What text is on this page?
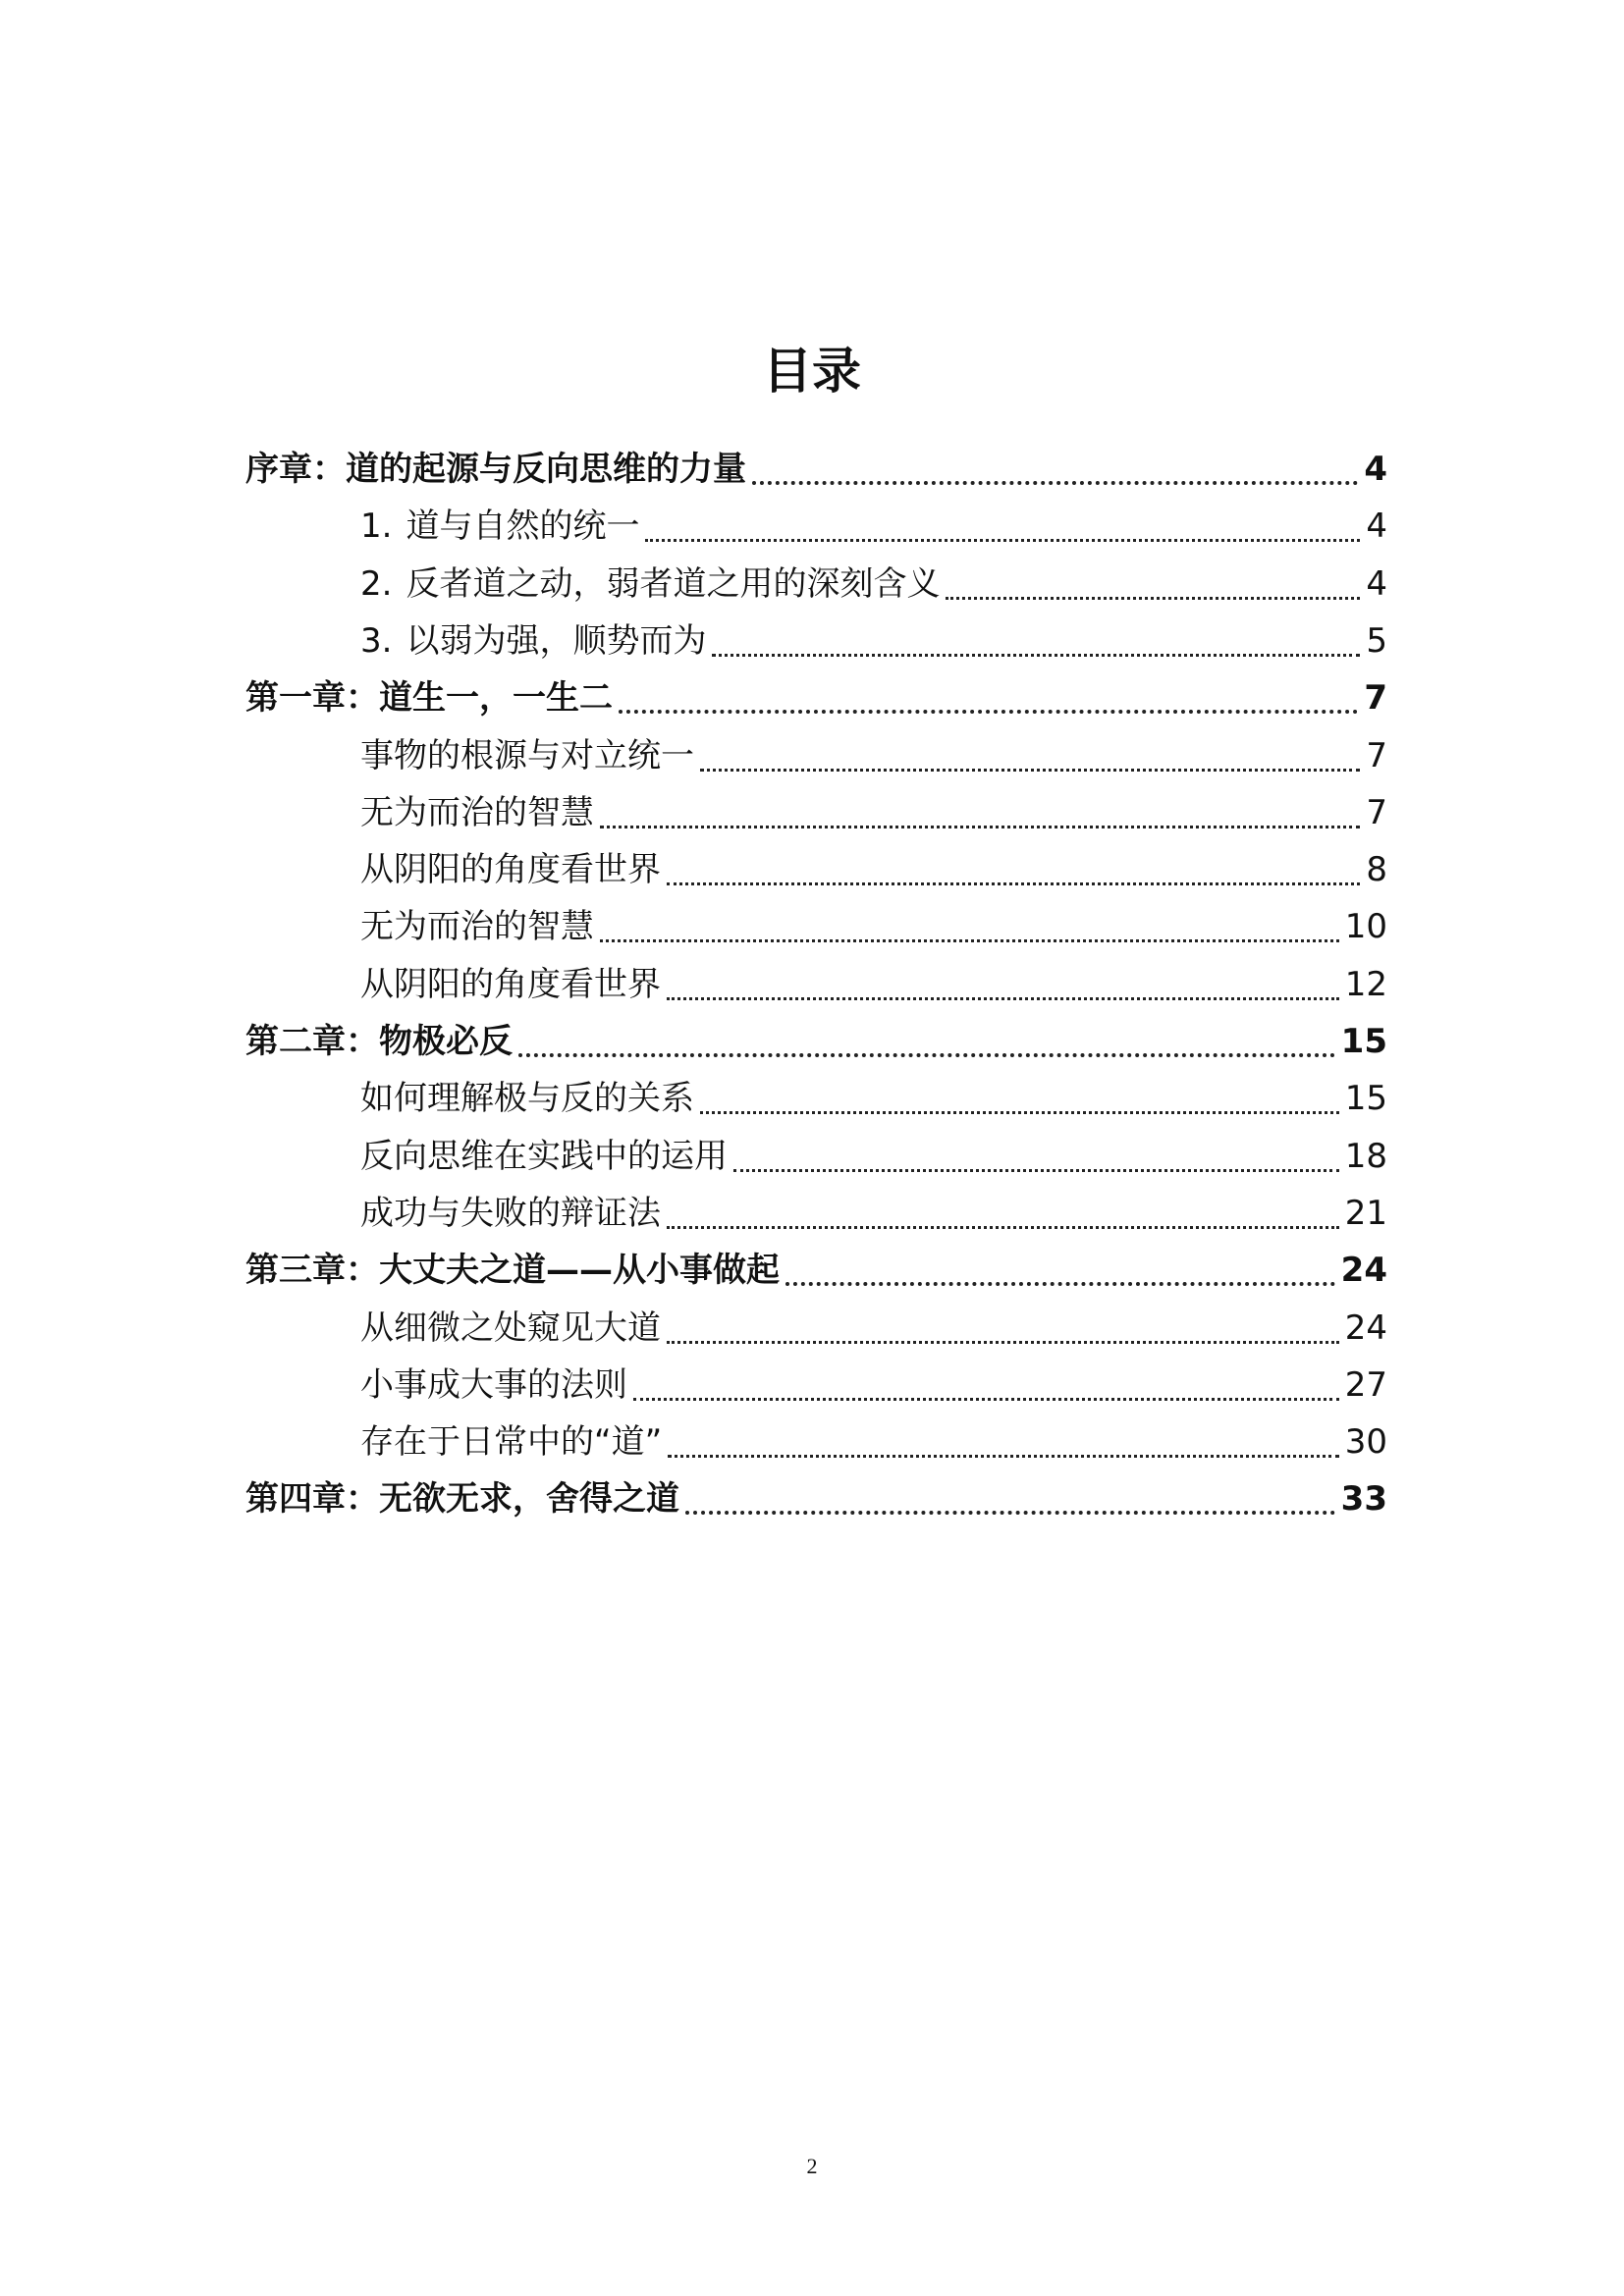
目录
序章：道的起源与反向思维的力量	4
1. 道与自然的统一	4
2. 反者道之动，弱者道之用的深刻含义	4
3. 以弱为强，顺势而为	5
第一章：道生一，一生二	7
事物的根源与对立统一	7
无为而治的智慧	7
从阴阳的角度看世界	8
无为而治的智慧	10
从阴阳的角度看世界	12
第二章：物极必反	15
如何理解极与反的关系	15
反向思维在实践中的运用	18
成功与失败的辩证法	21
第三章：大丈夫之道——从小事做起	24
从细微之处窥见大道	24
小事成大事的法则	27
存在于日常中的“道”	30
第四章：无欲无求，舍得之道	33
2
